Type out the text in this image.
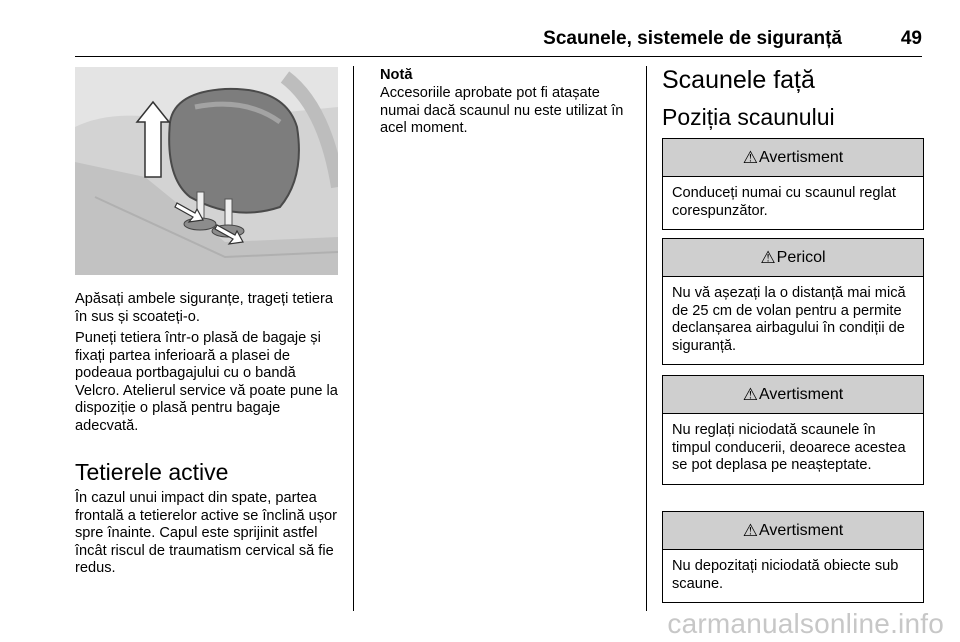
Scaunele, sistemele de siguranță	49
Apăsați ambele siguranțe, trageți tetiera în sus și scoateți-o.
Puneți tetiera într-o plasă de bagaje și fixați partea inferioară a plasei de podeaua portbagajului cu o bandă Velcro. Atelierul service vă poate pune la dispoziție o plasă pentru bagaje adecvată.
Tetierele active
În cazul unui impact din spate, partea frontală a tetierelor active se înclină ușor spre înainte. Capul este sprijinit astfel încât riscul de traumatism cervical să fie redus.
Notă
Accesoriile aprobate pot fi atașate numai dacă scaunul nu este utilizat în acel moment.
Scaunele față
Poziția scaunului
⚠ Avertisment
Conduceți numai cu scaunul reglat corespunzător.
⚠ Pericol
Nu vă așezați la o distanță mai mică de 25 cm de volan pentru a permite declanșarea airbagului în condiții de siguranță.
⚠ Avertisment
Nu reglați niciodată scaunele în timpul conducerii, deoarece acestea se pot deplasa pe neașteptate.
⚠ Avertisment
Nu depozitați niciodată obiecte sub scaune.
carmanualsonline.info
